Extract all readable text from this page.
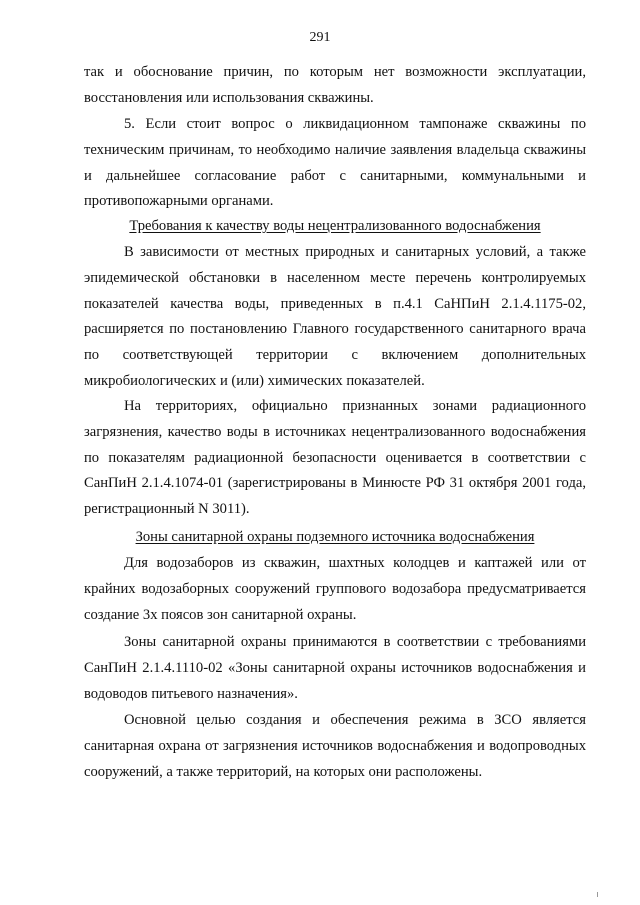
291

так и обоснование причин, по которым нет возможности эксплуатации, восстановления или использования скважины.

5. Если стоит вопрос о ликвидационном тампонаже скважины по техническим причинам, то необходимо наличие заявления владельца скважины и дальнейшее согласование работ с санитарными, коммунальными и противопожарными органами.

Требования к качеству воды нецентрализованного водоснабжения

В зависимости от местных природных и санитарных условий, а также эпидемической обстановки в населенном месте перечень контролируемых показателей качества воды, приведенных в п.4.1 СаНПиН 2.1.4.1175-02, расширяется по постановлению Главного государственного санитарного врача по соответствующей территории с включением дополнительных микробиологических и (или) химических показателей.

На территориях, официально признанных зонами радиационного загрязнения, качество воды в источниках нецентрализованного водоснабжения по показателям радиационной безопасности оценивается в соответствии с СанПиН 2.1.4.1074-01 (зарегистрированы в Минюсте РФ 31 октября 2001 года, регистрационный N 3011).

Зоны санитарной охраны подземного источника водоснабжения

Для водозаборов из скважин, шахтных колодцев и каптажей или от крайних водозаборных сооружений группового водозабора предусматривается создание 3х поясов зон санитарной охраны.

Зоны санитарной охраны принимаются в соответствии с требованиями СанПиН 2.1.4.1110-02 «Зоны санитарной охраны источников водоснабжения и водоводов питьевого назначения».

Основной целью создания и обеспечения режима в ЗСО является санитарная охрана от загрязнения источников водоснабжения и водопроводных сооружений, а также территорий, на которых они расположены.
